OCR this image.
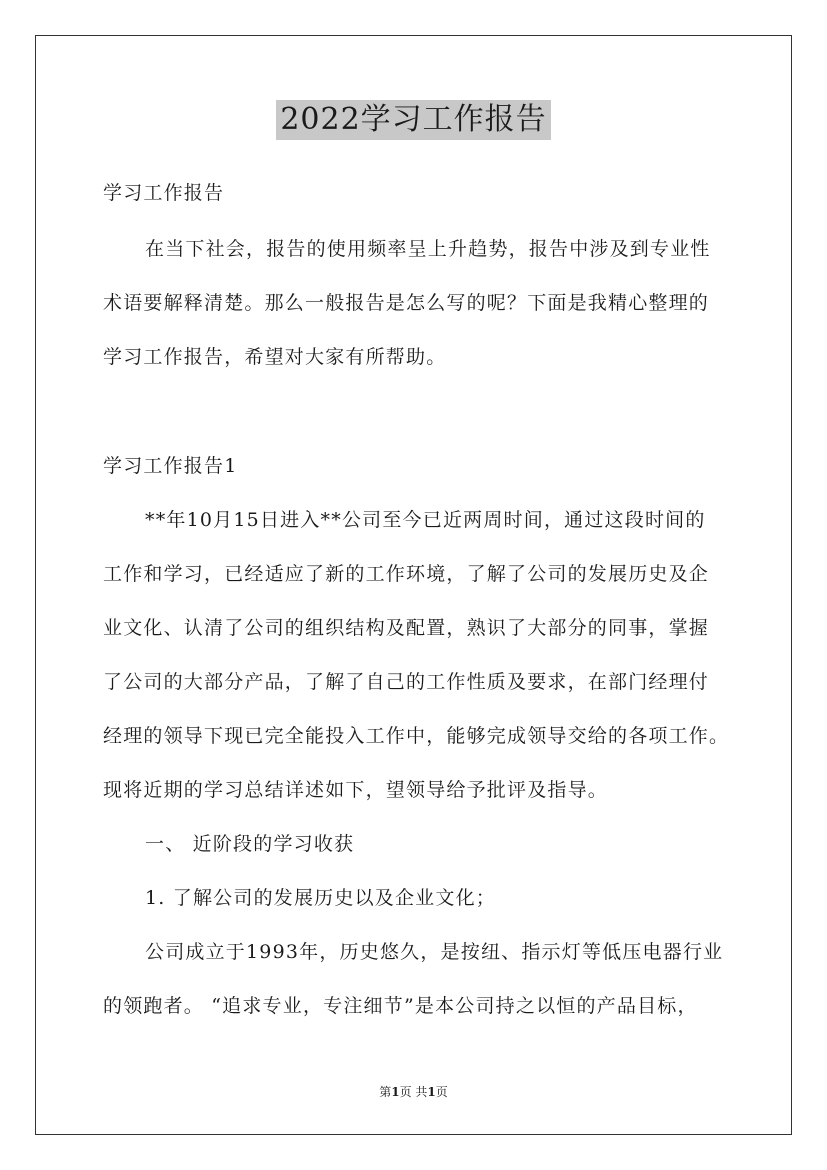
2022学习工作报告
学习工作报告
在当下社会，报告的使用频率呈上升趋势，报告中涉及到专业性
术语要解释清楚。那么一般报告是怎么写的呢？下面是我精心整理的
学习工作报告，希望对大家有所帮助。
学习工作报告1
**年10月15日进入**公司至今已近两周时间，通过这段时间的
工作和学习，已经适应了新的工作环境，了解了公司的发展历史及企
业文化、认清了公司的组织结构及配置，熟识了大部分的同事，掌握
了公司的大部分产品，了解了自己的工作性质及要求，在部门经理付
经理的领导下现已完全能投入工作中，能够完成领导交给的各项工作。
现将近期的学习总结详述如下，望领导给予批评及指导。
一、 近阶段的学习收获
1. 了解公司的发展历史以及企业文化；
公司成立于1993年，历史悠久，是按纽、指示灯等低压电器行业
的领跑者。 “追求专业，专注细节”是本公司持之以恒的产品目标，
第1页 共1页
